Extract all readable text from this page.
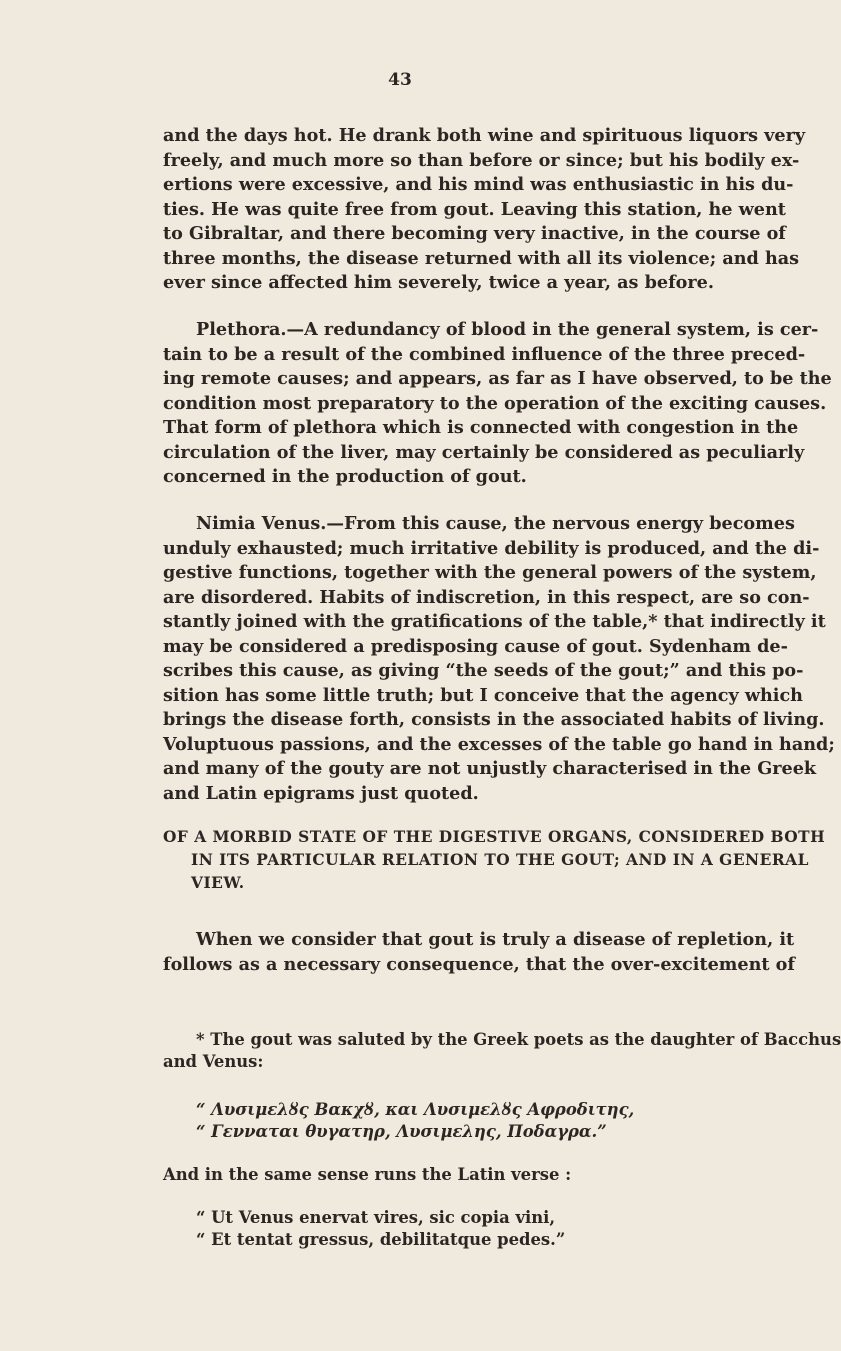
43
and the days hot. He drank both wine and spirituous liquors very
freely, and much more so than before or since; but his bodily ex-
ertions were excessive, and his mind was enthusiastic in his du-
ties. He was quite free from gout. Leaving this station, he went
to Gibraltar, and there becoming very inactive, in the course of
three months, the disease returned with all its violence; and has
ever since affected him severely, twice a year, as before.
Plethora.—A redundancy of blood in the general system, is cer-
tain to be a result of the combined influence of the three preced-
ing remote causes; and appears, as far as I have observed, to be the
condition most preparatory to the operation of the exciting causes.
That form of plethora which is connected with congestion in the
circulation of the liver, may certainly be considered as peculiarly
concerned in the production of gout.
Nimia Venus.—From this cause, the nervous energy becomes
unduly exhausted; much irritative debility is produced, and the di-
gestive functions, together with the general powers of the system,
are disordered. Habits of indiscretion, in this respect, are so con-
stantly joined with the gratifications of the table,* that indirectly it
may be considered a predisposing cause of gout. Sydenham de-
scribes this cause, as giving “the seeds of the gout;” and this po-
sition has some little truth; but I conceive that the agency which
brings the disease forth, consists in the associated habits of living.
Voluptuous passions, and the excesses of the table go hand in hand;
and many of the gouty are not unjustly characterised in the Greek
and Latin epigrams just quoted.
OF A MORBID STATE OF THE DIGESTIVE ORGANS, CONSIDERED BOTH
IN ITS PARTICULAR RELATION TO THE GOUT; AND IN A GENERAL
VIEW.
When we consider that gout is truly a disease of repletion, it
follows as a necessary consequence, that the over-excitement of
* The gout was saluted by the Greek poets as the daughter of Bacchus
and Venus:
“ Λυσιμελȣς Βακχȣ, και Λυσιμελȣς Αφροδιτης,
“ Γενναται θυγατηρ, Λυσιμελης, Ποδαγρα.”
And in the same sense runs the Latin verse :
“ Ut Venus enervat vires, sic copia vini,
“ Et tentat gressus, debilitatque pedes.”
